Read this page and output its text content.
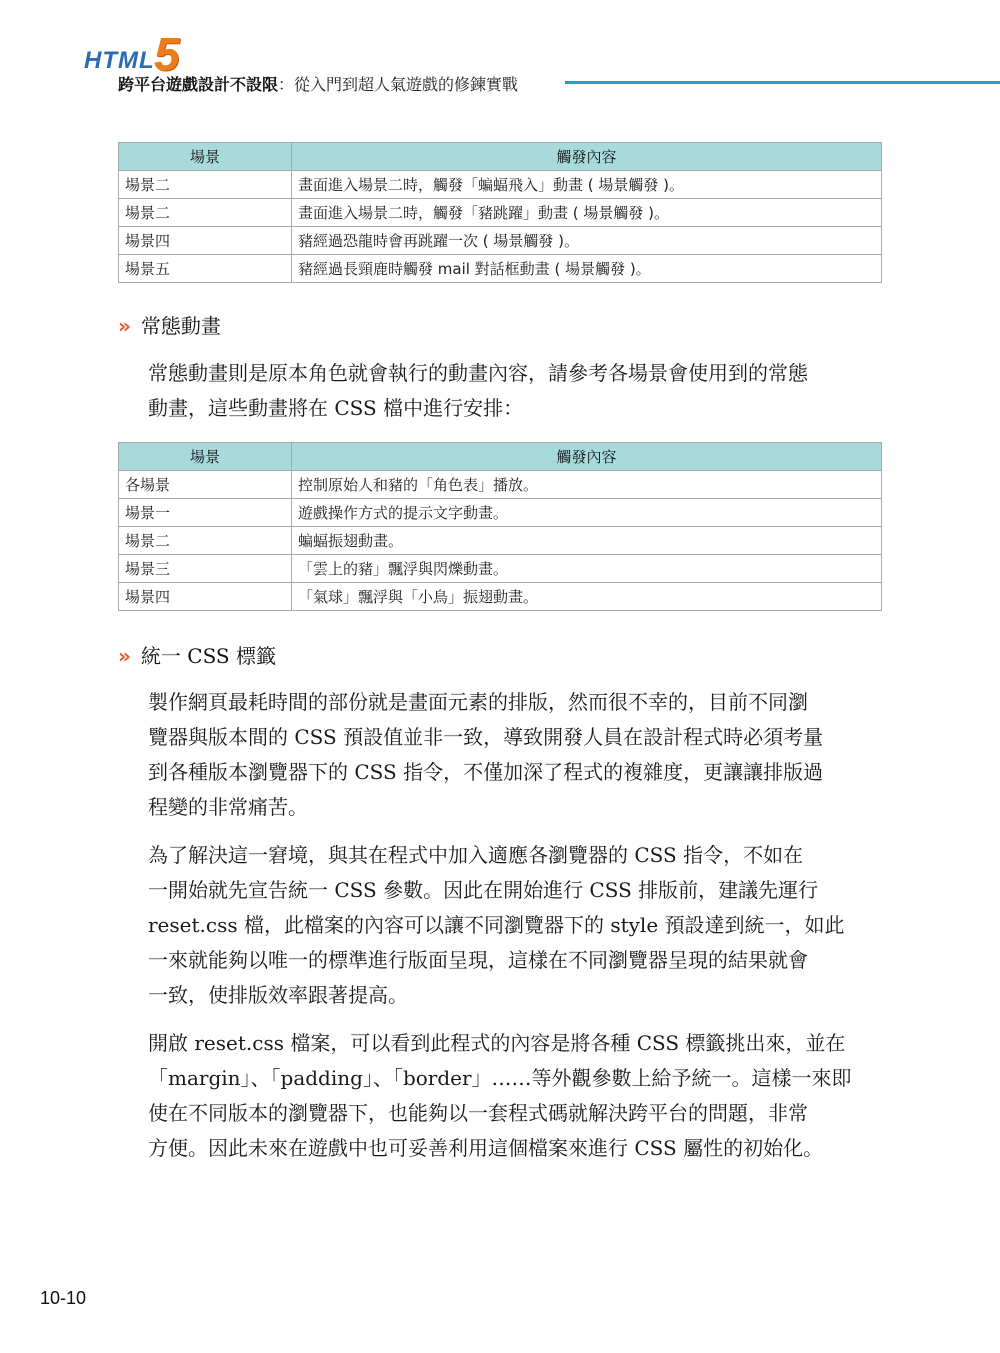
HTML 5
跨平台遊戲設計不設限：從入門到超人氣遊戲的修鍊實戰
場景	觸發內容
場景二	畫面進入場景二時，觸發「蝙蝠飛入」動畫 ( 場景觸發 )。
場景二	畫面進入場景二時，觸發「豬跳躍」動畫 ( 場景觸發 )。
場景四	豬經過恐龍時會再跳躍一次 ( 場景觸發 )。
場景五	豬經過長頸鹿時觸發 mail 對話框動畫 ( 場景觸發 )。
» 常態動畫

常態動畫則是原本角色就會執行的動畫內容，請參考各場景會使用到的常態
動畫，這些動畫將在 CSS 檔中進行安排：

場景	觸發內容
各場景	控制原始人和豬的「角色表」播放。
場景一	遊戲操作方式的提示文字動畫。
場景二	蝙蝠振翅動畫。
場景三	「雲上的豬」飄浮與閃爍動畫。
場景四	「氣球」飄浮與「小鳥」振翅動畫。
» 統一 CSS 標籤

製作網頁最耗時間的部份就是畫面元素的排版，然而很不幸的，目前不同瀏
覽器與版本間的 CSS 預設值並非一致，導致開發人員在設計程式時必須考量
到各種版本瀏覽器下的 CSS 指令，不僅加深了程式的複雜度，更讓讓排版過
程變的非常痛苦。

為了解決這一窘境，與其在程式中加入適應各瀏覽器的 CSS 指令，不如在
一開始就先宣告統一 CSS 參數。因此在開始進行 CSS 排版前，建議先運行
reset.css 檔，此檔案的內容可以讓不同瀏覽器下的 style 預設達到統一，如此
一來就能夠以唯一的標準進行版面呈現，這樣在不同瀏覽器呈現的結果就會
一致，使排版效率跟著提高。

開啟 reset.css 檔案，可以看到此程式的內容是將各種 CSS 標籤挑出來，並在
「margin」、「padding」、「border」……等外觀參數上給予統一。這樣一來即
使在不同版本的瀏覽器下，也能夠以一套程式碼就解決跨平台的問題，非常
方便。因此未來在遊戲中也可妥善利用這個檔案來進行 CSS 屬性的初始化。

10-10
